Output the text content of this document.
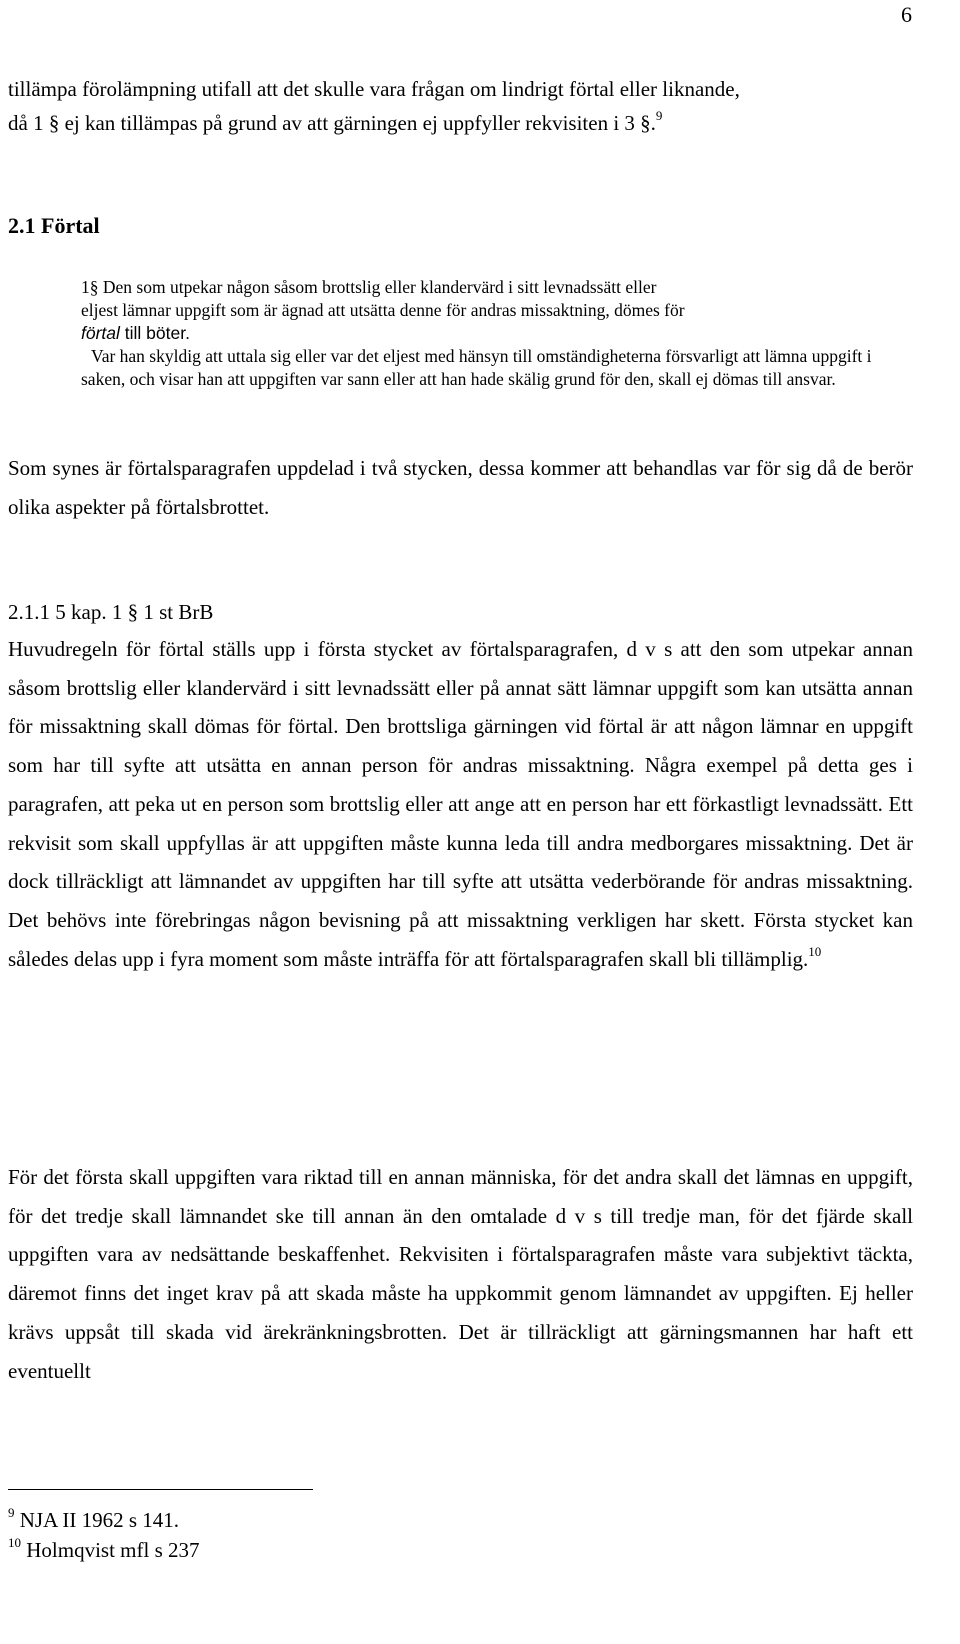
6
tillämpa förolämpning utifall att det skulle vara frågan om lindrigt förtal eller liknande,
då 1 § ej kan tillämpas på grund av att gärningen ej uppfyller rekvisiten i 3 §.$^9$
2.1 Förtal

1§ Den som utpekar någon såsom brottslig eller klandervärd i sitt levnadssätt eller
eljest lämnar uppgift som är ägnad att utsätta denne för andras missaktning, dömes för
förtal till böter.

Var han skyldig att uttala sig eller var det eljest med hänsyn till omständigheterna försvarligt att lämna uppgift i saken, och visar han att uppgiften var sann eller att han hade skälig grund för den, skall ej dömas till ansvar.

Som synes är förtalsparagrafen uppdelad i två stycken, dessa kommer att behandlas var för sig då de berör olika aspekter på förtalsbrottet.
2.1.1 5 kap. 1 § 1 st BrB
Huvudregeln för förtal ställs upp i första stycket av förtalsparagrafen, d v s att den som utpekar annan såsom brottslig eller klandervärd i sitt levnadssätt eller på annat sätt lämnar uppgift som kan utsätta annan för missaktning skall dömas för förtal. Den brottsliga gärningen vid förtal är att någon lämnar en uppgift som har till syfte att utsätta en annan person för andras missaktning. Några exempel på detta ges i paragrafen, att peka ut en person som brottslig eller att ange att en person har ett förkastligt levnadssätt. Ett rekvisit som skall uppfyllas är att uppgiften måste kunna leda till andra medborgares missaktning. Det är dock tillräckligt att lämnandet av uppgiften har till syfte att utsätta vederbörande för andras missaktning. Det behövs inte förebringas någon bevisning på att missaktning verkligen har skett. Första stycket kan således delas upp i fyra moment som måste inträffa för att förtalsparagrafen skall bli tillämplig.$^{10}$
För det första skall uppgiften vara riktad till en annan människa, för det andra skall det lämnas en uppgift, för det tredje skall lämnandet ske till annan än den omtalade d v s till tredje man, för det fjärde skall uppgiften vara av nedsättande beskaffenhet. Rekvisiten i förtalsparagrafen måste vara subjektivt täckta, däremot finns det inget krav på att skada måste ha uppkommit genom lämnandet av uppgiften. Ej heller krävs uppsåt till skada vid ärekränkningsbrotten. Det är tillräckligt att gärningsmannen har haft ett eventuellt
$^9$ NJA II 1962 s 141.
$^{10}$ Holmqvist mfl s 237
